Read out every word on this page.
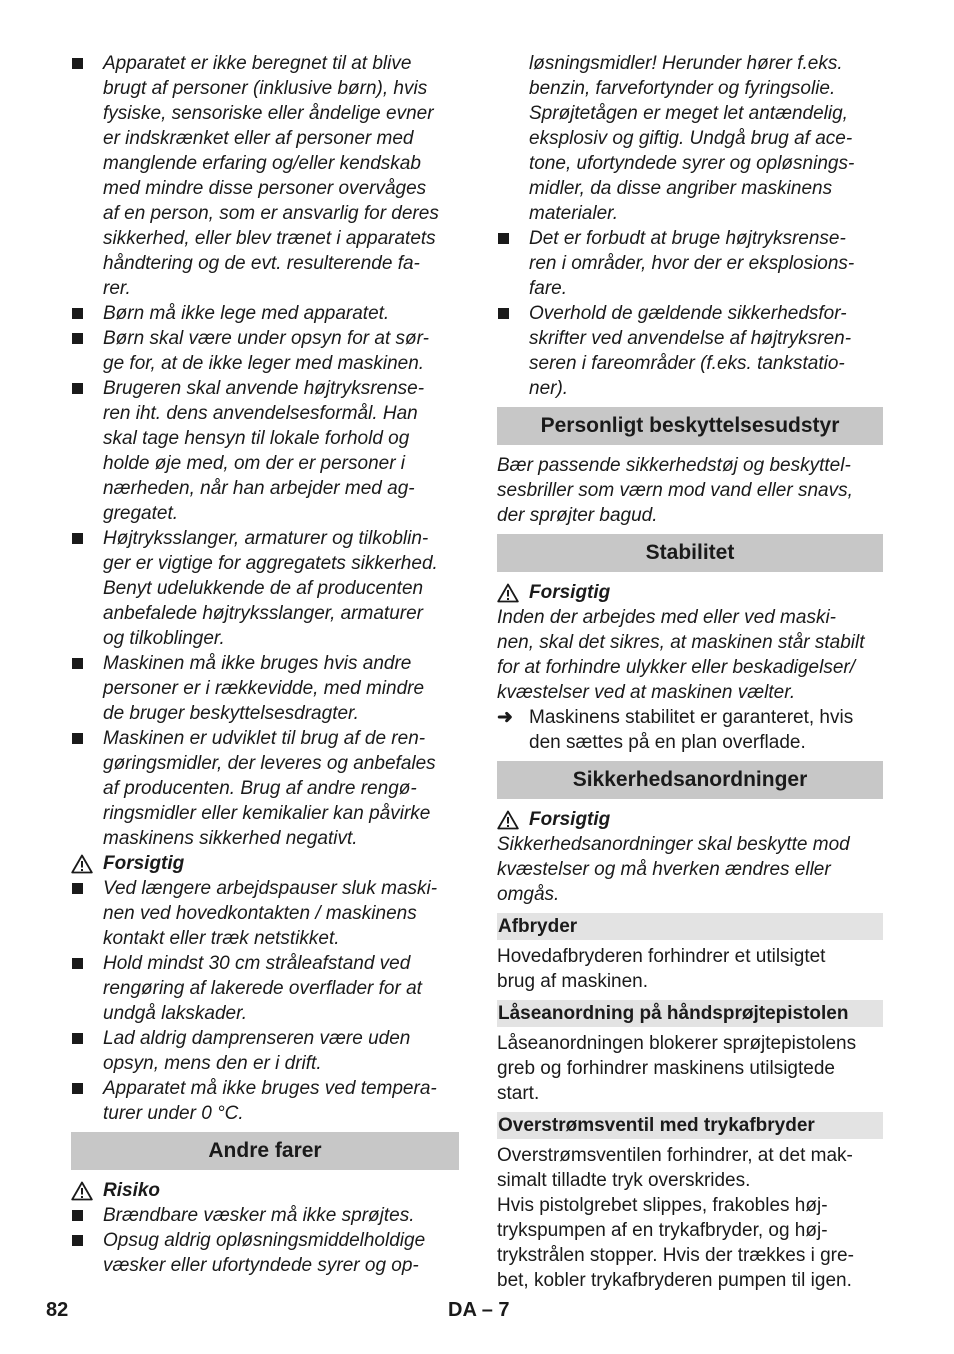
Apparatet er ikke beregnet til at blive
brugt af personer (inklusive børn), hvis
fysiske, sensoriske eller åndelige evner
er indskrænket eller af personer med
manglende erfaring og/eller kendskab
med mindre disse personer overvåges
af en person, som er ansvarlig for deres
sikkerhed, eller blev trænet i apparatets
håndtering og de evt. resulterende fa-
rer.
Børn må ikke lege med apparatet.
Børn skal være under opsyn for at sør-
ge for, at de ikke leger med maskinen.
Brugeren skal anvende højtryksrense-
ren iht. dens anvendelsesformål. Han
skal tage hensyn til lokale forhold og
holde øje med, om der er personer i
nærheden, når han arbejder med ag-
gregatet.
Højtryksslanger, armaturer og tilkoblin-
ger er vigtige for aggregatets sikkerhed.
Benyt udelukkende de af producenten
anbefalede højtryksslanger, armaturer
og tilkoblinger.
Maskinen må ikke bruges hvis andre
personer er i rækkevidde, med mindre
de bruger beskyttelsesdragter.
Maskinen er udviklet til brug af de ren-
gøringsmidler, der leveres og anbefales
af producenten. Brug af andre rengø-
ringsmidler eller kemikalier kan påvirke
maskinens sikkerhed negativt.
Forsigtig
Ved længere arbejdspauser sluk maski-
nen ved hovedkontakten / maskinens
kontakt eller træk netstikket.
Hold mindst 30 cm stråleafstand ved
rengøring af lakerede overflader for at
undgå lakskader.
Lad aldrig damprenseren være uden
opsyn, mens den er i drift.
Apparatet må ikke bruges ved tempera-
turer under 0 °C.
Andre farer
Risiko
Brændbare væsker må ikke sprøjtes.
Opsug aldrig opløsningsmiddelholdige
væsker eller ufortyndede syrer og op-
løsningsmidler! Herunder hører f.eks.
benzin, farvefortynder og fyringsolie.
Sprøjtetågen er meget let antændelig,
eksplosiv og giftig. Undgå brug af ace-
tone, ufortyndede syrer og opløsnings-
midler, da disse angriber maskinens
materialer.
Det er forbudt at bruge højtryksrense-
ren i områder, hvor der er eksplosions-
fare.
Overhold de gældende sikkerhedsfor-
skrifter ved anvendelse af højtryksren-
seren i fareområder (f.eks. tankstatio-
ner).
Personligt beskyttelsesudstyr
Bær passende sikkerhedstøj og beskyttel-
sesbriller som værn mod vand eller snavs,
der sprøjter bagud.
Stabilitet
Forsigtig
Inden der arbejdes med eller ved maski-
nen, skal det sikres, at maskinen står stabilt
for at forhindre ulykker eller beskadigelser/
kvæstelser ved at maskinen vælter.
➜ Maskinens stabilitet er garanteret, hvis
den sættes på en plan overflade.
Sikkerhedsanordninger
Forsigtig
Sikkerhedsanordninger skal beskytte mod
kvæstelser og må hverken ændres eller
omgås.
Afbryder
Hovedafbryderen forhindrer et utilsigtet
brug af maskinen.
Låseanordning på håndsprøjtepistolen
Låseanordningen blokerer sprøjtepistolens
greb og forhindrer maskinens utilsigtede
start.
Overstrømsventil med trykafbryder
Overstrømsventilen forhindrer, at det mak-
simalt tilladte tryk overskrides.
Hvis pistolgrebet slippes, frakobles høj-
trykspumpen af en trykafbryder, og høj-
trykstrålen stopper. Hvis der trækkes i gre-
bet, kobler trykafbryderen pumpen til igen.
82	DA – 7
